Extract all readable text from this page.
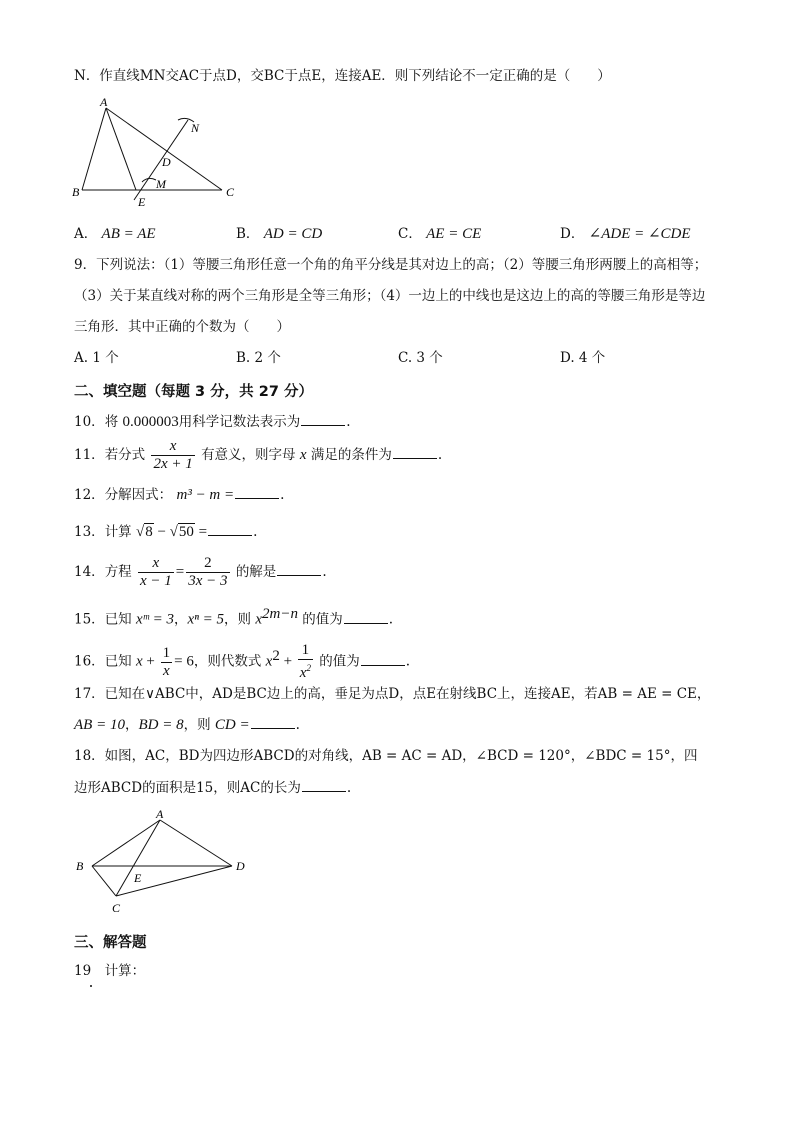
N．作直线MN交AC于点D，交BC于点E，连接AE．则下列结论不一定正确的是（　　）
A
N
D
M
B	C
E
A． AB = AE	B． AD = CD	C． AE = CE	D． ∠ADE = ∠CDE
9．下列说法：（1）等腰三角形任意一个角的角平分线是其对边上的高；（2）等腰三角形两腰上的高相等；
（3）关于某直线对称的两个三角形是全等三角形；（4）一边上的中线也是这边上的高的等腰三角形是等边
三角形．其中正确的个数为（　　）
A. 1 个	B. 2 个	C. 3 个	D. 4 个
二、填空题（每题 3 分，共 27 分）
10．将 0.000003用科学记数法表示为	.
11．若分式 $\frac{x}{2x + 1}$ 有意义，则字母 x 满足的条件为	.
12．分解因式： m³ − m =	.
13．计算 √8 − √50 =	.
14．方程 $\frac{x}{x - 1} = \frac{2}{3x - 3}$ 的解是	.
15．已知 xᵐ = 3，xⁿ = 5，则 $x^{2m-n}$ 的值为	.
16．已知 $x + \frac{1}{x} = 6$，则代数式 $x^2 + \frac{1}{x^2}$ 的值为	.
17．已知在∨ABC中，AD是BC边上的高，垂足为点D，点E在射线BC上，连接AE，若AB = AE = CE，
AB = 10，BD = 8，则 CD =	.
18．如图，AC，BD为四边形ABCD的对角线，AB = AC = AD，∠BCD = 120°，∠BDC = 15°，四
边形ABCD的面积是15，则AC的长为	.
A
B
E
D
C
三、解答题
19　计算：
